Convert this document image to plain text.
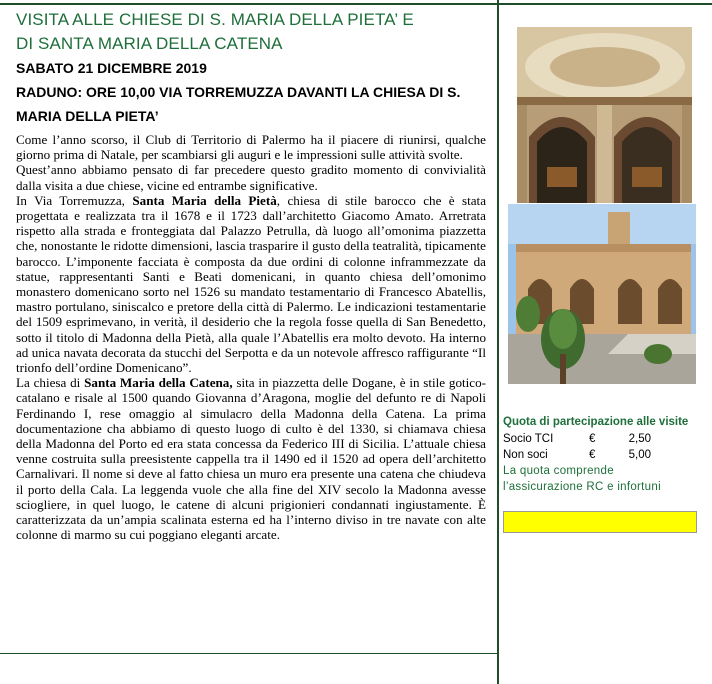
VISITA ALLE CHIESE DI S. MARIA DELLA PIETA’ E
DI SANTA MARIA DELLA CATENA
SABATO 21 DICEMBRE 2019
RADUNO: ORE 10,00 VIA TORREMUZZA DAVANTI LA CHIESA DI S.
MARIA DELLA PIETA’

Come l’anno scorso, il Club di Territorio di Palermo ha il piacere di riunirsi, qualche giorno prima di Natale, per scambiarsi gli auguri e le impressioni sulle attività svolte.

Quest’anno abbiamo pensato di far precedere questo gradito momento di convivialità dalla visita a due chiese, vicine ed entrambe significative.

In Via Torremuzza, Santa Maria della Pietà, chiesa di stile barocco che è stata progettata e realizzata tra il 1678 e il 1723 dall’architetto Giacomo Amato. Arretrata rispetto alla strada e fronteggiata dal Palazzo Petrulla, dà luogo all’omonima piazzetta che, nonostante le ridotte dimensioni, lascia trasparire il gusto della teatralità, tipicamente barocco. L’imponente facciata è composta da due ordini di colonne inframmezzate da statue, rappresentanti Santi e Beati domenicani, in quanto chiesa dell’omonimo monastero domenicano sorto nel 1526 su mandato testamentario di Francesco Abatellis, mastro portulano, siniscalco e pretore della città di Palermo. Le indicazioni testamentarie del 1509 esprimevano, in verità, il desiderio che la regola fosse quella di San Benedetto, sotto il titolo di Madonna della Pietà, alla quale l’Abatellis era molto devoto. Ha interno ad unica navata decorata da stucchi del Serpotta e da un notevole affresco raffigurante “Il trionfo dell’ordine Domenicano”.

La chiesa di Santa Maria della Catena, sita in piazzetta delle Dogane, è in stile gotico-catalano e risale al 1500 quando Giovanna d’Aragona, moglie del defunto re di Napoli Ferdinando I, rese omaggio al simulacro della Madonna della Catena. La prima documentazione cha abbiamo di questo luogo di culto è del 1330, si chiamava chiesa della Madonna del Porto ed era stata concessa da Federico III di Sicilia. L’attuale chiesa venne costruita sulla preesistente cappella tra il 1490 ed il 1520 ad opera dell’architetto Carnalivari. Il nome si deve al fatto chiesa un muro era presente una catena che chiudeva il porto della Cala. La leggenda vuole che alla fine del XIV secolo la Madonna avesse sciogliere, in quel luogo, le catene di alcuni prigionieri condannati ingiustamente. È caratterizzata da un’ampia scalinata esterna ed ha l’interno diviso in tre navate con alte colonne di marmo su cui poggiano eleganti arcate.

Quota di partecipazione alle visite
Socio TCI	€	2,50
Non soci	€	5,00
La quota comprende
l’assicurazione RC e infortuni
